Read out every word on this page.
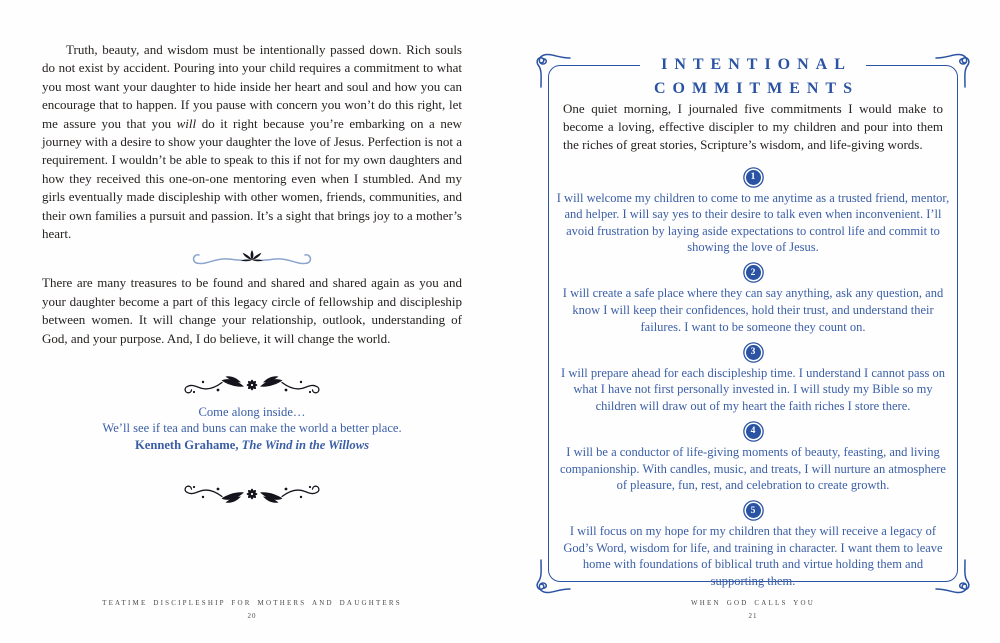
Truth, beauty, and wisdom must be intentionally passed down. Rich souls do not exist by accident. Pouring into your child requires a commitment to what you most want your daughter to hide inside her heart and soul and how you can encourage that to happen. If you pause with concern you won’t do this right, let me assure you that you will do it right because you’re embarking on a new journey with a desire to show your daughter the love of Jesus. Perfection is not a requirement. I wouldn’t be able to speak to this if not for my own daughters and how they received this one-on-one mentoring even when I stumbled. And my girls eventually made discipleship with other women, friends, communities, and their own families a pursuit and passion. It’s a sight that brings joy to a mother’s heart.

There are many treasures to be found and shared and shared again as you and your daughter become a part of this legacy circle of fellowship and discipleship between women. It will change your relationship, outlook, understanding of God, and your purpose. And, I do believe, it will change the world.

Come along inside…

We’ll see if tea and buns can make the world a better place.

Kenneth Grahame, The Wind in the Willows

TEATIME DISCIPLESHIP FOR MOTHERS AND DAUGHTERS
20
INTENTIONAL
COMMITMENTS

One quiet morning, I journaled five commitments I would make to become a loving, effective discipler to my children and pour into them the riches of great stories, Scripture’s wisdom, and life-giving words.

1

I will welcome my children to come to me anytime as a trusted friend, mentor, and helper. I will say yes to their desire to talk even when inconvenient. I’ll avoid frustration by laying aside expectations to control life and commit to showing the love of Jesus.

2

I will create a safe place where they can say anything, ask any question, and know I will keep their confidences, hold their trust, and understand their failures. I want to be someone they count on.

3

I will prepare ahead for each discipleship time. I understand I cannot pass on what I have not first personally invested in. I will study my Bible so my children will draw out of my heart the faith riches I store there.

4

I will be a conductor of life-giving moments of beauty, feasting, and living companionship. With candles, music, and treats, I will nurture an atmosphere of pleasure, fun, rest, and celebration to create growth.

5

I will focus on my hope for my children that they will receive a legacy of God’s Word, wisdom for life, and training in character. I want them to leave home with foundations of biblical truth and virtue holding them and supporting them.

WHEN GOD CALLS YOU
21
